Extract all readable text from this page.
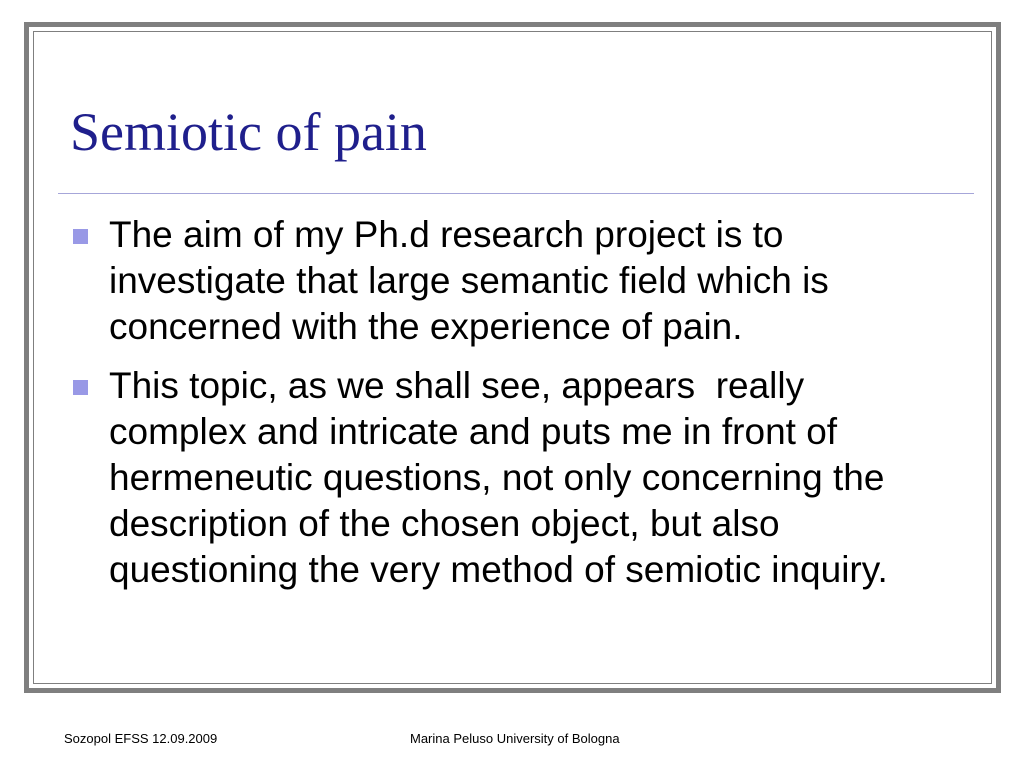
Semiotic of pain
The aim of my Ph.d research project is to investigate that large semantic field which is concerned with the experience of pain.
This topic, as we shall see, appears  really complex and intricate and puts me in front of hermeneutic questions, not only concerning the description of the chosen object, but also questioning the very method of semiotic inquiry.
Sozopol EFSS 12.09.2009	Marina Peluso University of Bologna
